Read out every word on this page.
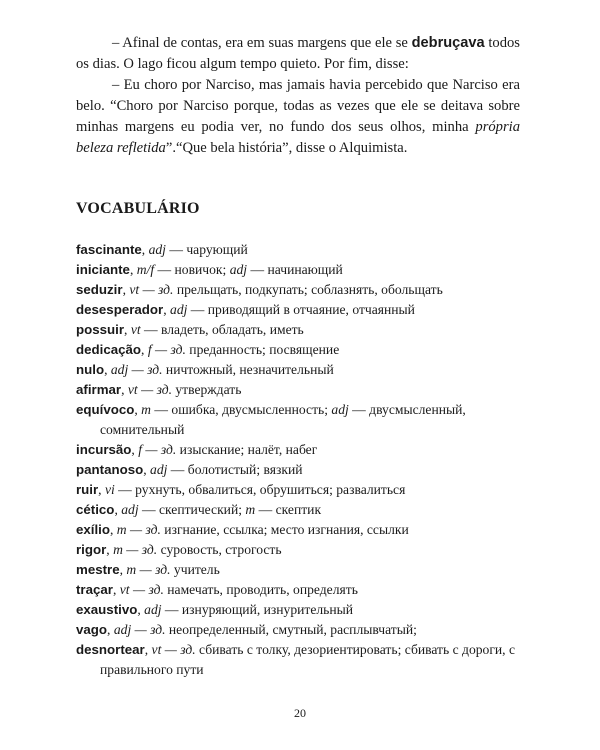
– Afinal de contas, era em suas margens que ele se debruçava todos os dias. O lago ficou algum tempo quieto. Por fim, disse:

– Eu choro por Narciso, mas jamais havia percebido que Narciso era belo. “Choro por Narciso porque, todas as vezes que ele se deitava sobre minhas margens eu podia ver, no fundo dos seus olhos, minha própria beleza refletida”.“Que bela história”, disse o Alquimista.

VOCABULÁRIO
fascinante, adj — чарующий
iniciante, m/f — новичок; adj — начинающий
seduzir, vt — зд. прельщать, подкупать; соблазнять, обольщать
desesperador, adj — приводящий в отчаяние, отчаянный
possuir, vt — владеть, обладать, иметь
dedicação, f — зд. преданность; посвящение
nulo, adj — зд. ничтожный, незначительный
afirmar, vt — зд. утверждать
equívoco, m — ошибка, двусмысленность; adj — двусмысленный, сомнительный
incursão, f — зд. изыскание; налёт, набег
pantanoso, adj — болотистый; вязкий
ruir, vi — рухнуть, обвалиться, обрушиться; развалиться
cético, adj — скептический; m — скептик
exílio, m — зд. изгнание, ссылка; место изгнания, ссылки
rigor, m — зд. суровость, строгость
mestre, m — зд. учитель
traçar, vt — зд. намечать, проводить, определять
exaustivo, adj — изнуряющий, изнурительный
vago, adj — зд. неопределенный, смутный, расплывчатый;
desnortear, vt — зд. сбивать с толку, дезориентировать; сбивать с дороги, с правильного пути
20
